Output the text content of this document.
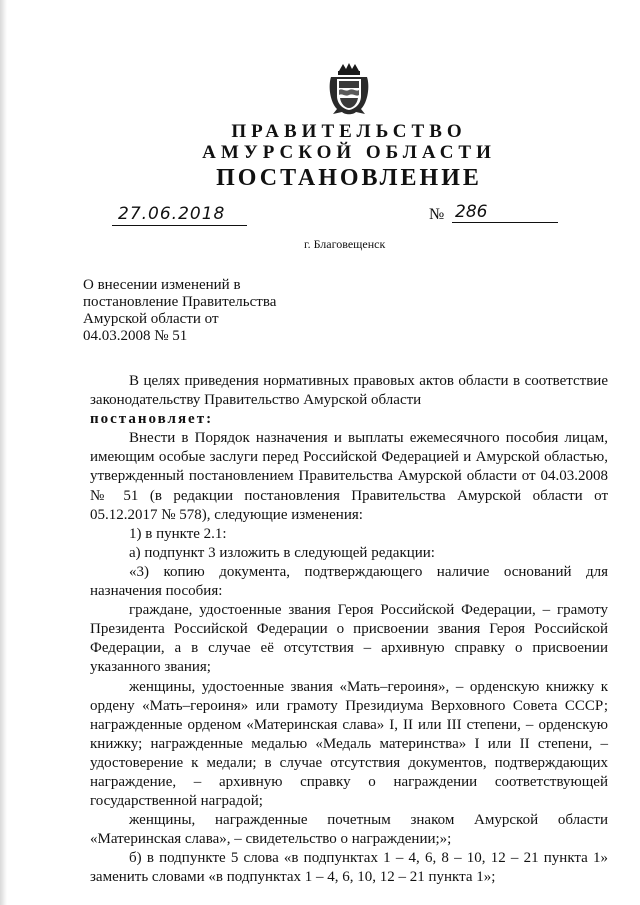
ПРАВИТЕЛЬСТВО
АМУРСКОЙ ОБЛАСТИ
ПОСТАНОВЛЕНИЕ
27.06.2018	№ 286
г. Благовещенск
О внесении изменений в
постановление Правительства
Амурской области от
04.03.2008 № 51

В целях приведения нормативных правовых актов области в соответствие законодательству Правительство Амурской области

постановляет:

Внести в Порядок назначения и выплаты ежемесячного пособия лицам, имеющим особые заслуги перед Российской Федерацией и Амурской областью, утвержденный постановлением Правительства Амурской области от 04.03.2008 № 51 (в редакции постановления Правительства Амурской области от 05.12.2017 № 578), следующие изменения:

1) в пункте 2.1:

а) подпункт 3 изложить в следующей редакции:

«3) копию документа, подтверждающего наличие оснований для назначения пособия:

граждане, удостоенные звания Героя Российской Федерации, – грамоту Президента Российской Федерации о присвоении звания Героя Российской Федерации, а в случае её отсутствия – архивную справку о присвоении указанного звания;

женщины, удостоенные звания «Мать–героиня», – орденскую книжку к ордену «Мать–героиня» или грамоту Президиума Верховного Совета СССР; награжденные орденом «Материнская слава» I, II или III степени, – орденскую книжку; награжденные медалью «Медаль материнства» I или II степени, – удостоверение к медали; в случае отсутствия документов, подтверждающих награждение, – архивную справку о награждении соответствующей государственной наградой;

женщины, награжденные почетным знаком Амурской области «Материнская слава», – свидетельство о награждении;»;

б) в подпункте 5 слова «в подпунктах 1 – 4, 6, 8 – 10, 12 – 21 пункта 1» заменить словами «в подпунктах 1 – 4, 6, 10, 12 – 21 пункта 1»;
